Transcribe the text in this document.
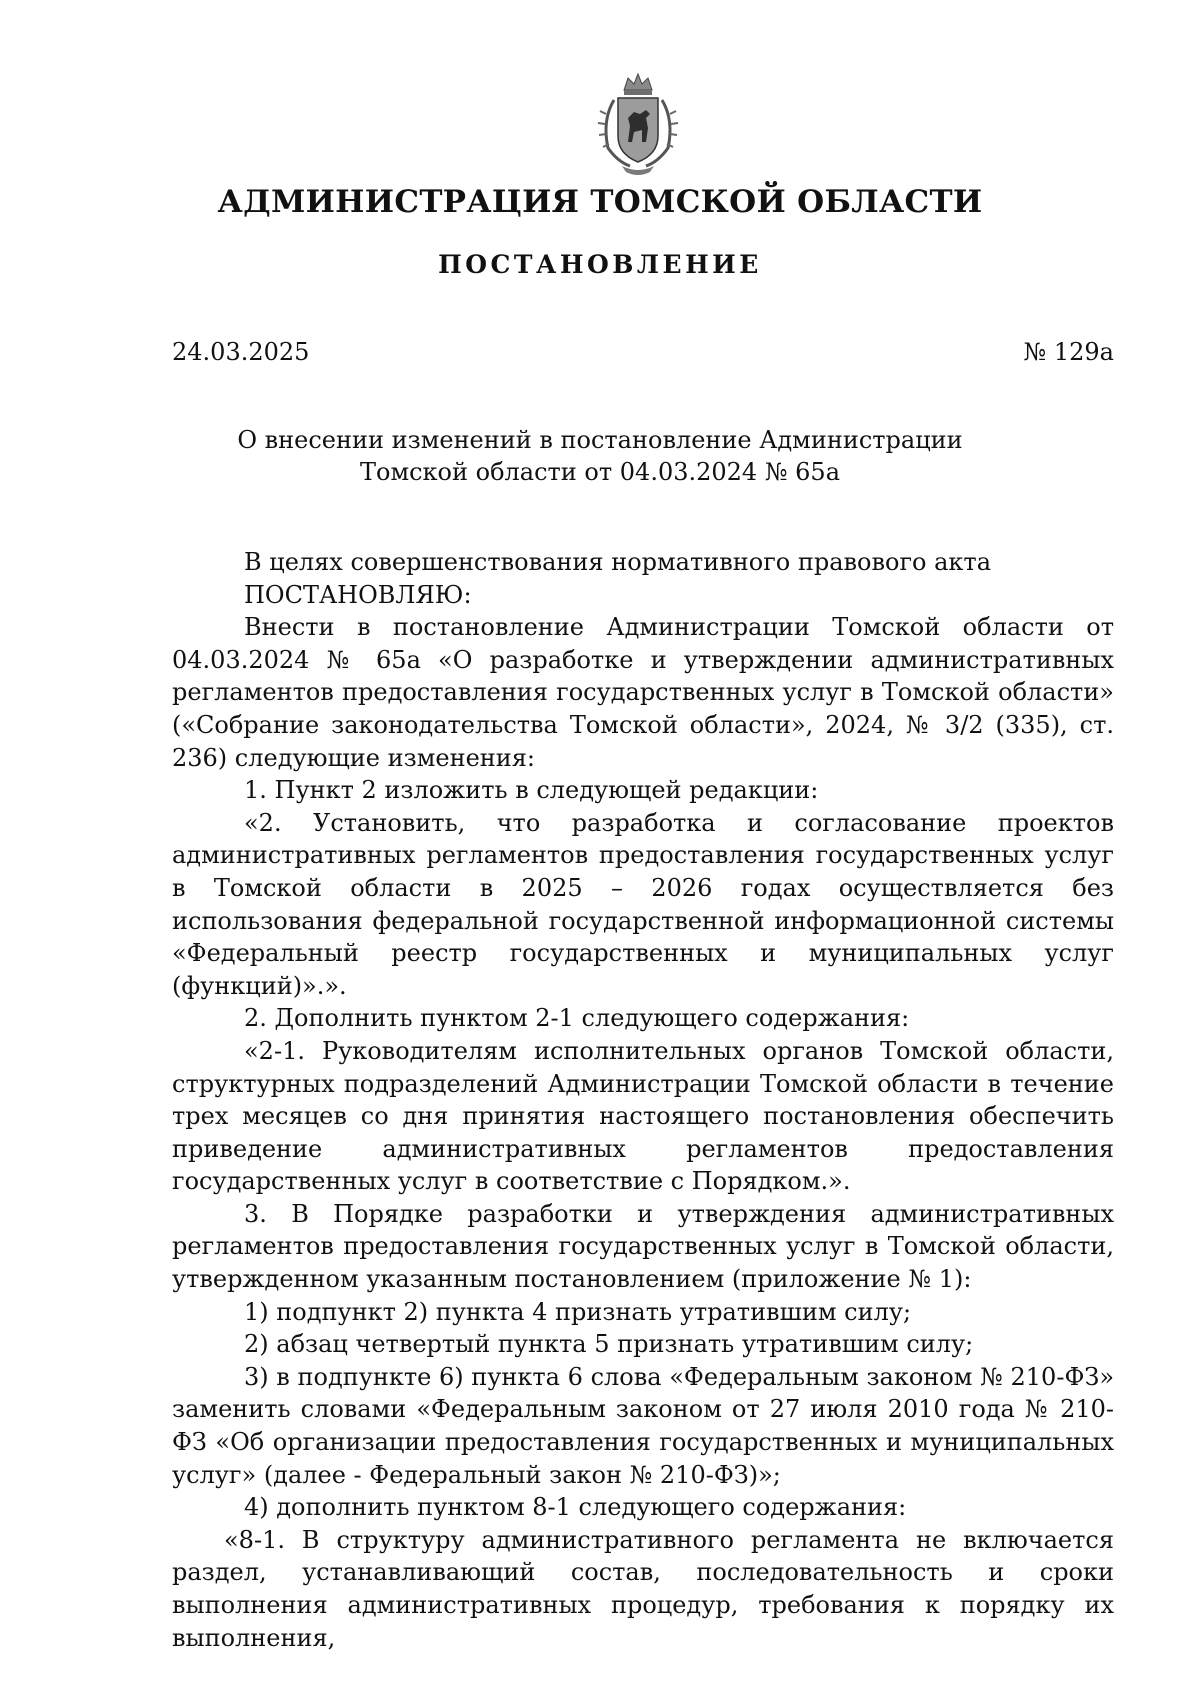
АДМИНИСТРАЦИЯ ТОМСКОЙ ОБЛАСТИ
ПОСТАНОВЛЕНИЕ
24.03.2025	№ 129а
О внесении изменений в постановление Администрации
Томской области от 04.03.2024 № 65а

В целях совершенствования нормативного правового акта

ПОСТАНОВЛЯЮ:

Внести в постановление Администрации Томской области от 04.03.2024 № 65а «О разработке и утверждении административных регламентов предоставления государственных услуг в Томской области» («Собрание законодательства Томской области», 2024, № 3/2 (335), ст. 236) следующие изменения:

1. Пункт 2 изложить в следующей редакции:

«2. Установить, что разработка и согласование проектов административных регламентов предоставления государственных услуг в Томской области в 2025 – 2026 годах осуществляется без использования федеральной государственной информационной системы «Федеральный реестр государственных и муниципальных услуг (функций)».».

2. Дополнить пунктом 2-1 следующего содержания:

«2-1. Руководителям исполнительных органов Томской области, структурных подразделений Администрации Томской области в течение трех месяцев со дня принятия настоящего постановления обеспечить приведение административных регламентов предоставления государственных услуг в соответствие с Порядком.».

3. В Порядке разработки и утверждения административных регламентов предоставления государственных услуг в Томской области, утвержденном указанным постановлением (приложение № 1):

1) подпункт 2) пункта 4 признать утратившим силу;

2) абзац четвертый пункта 5 признать утратившим силу;

3) в подпункте 6) пункта 6 слова «Федеральным законом № 210-ФЗ» заменить словами «Федеральным законом от 27 июля 2010 года № 210-ФЗ «Об организации предоставления государственных и муниципальных услуг» (далее - Федеральный закон № 210-ФЗ)»;

4) дополнить пунктом 8-1 следующего содержания:

«8-1. В структуру административного регламента не включается раздел, устанавливающий состав, последовательность и сроки выполнения административных процедур, требования к порядку их выполнения,
